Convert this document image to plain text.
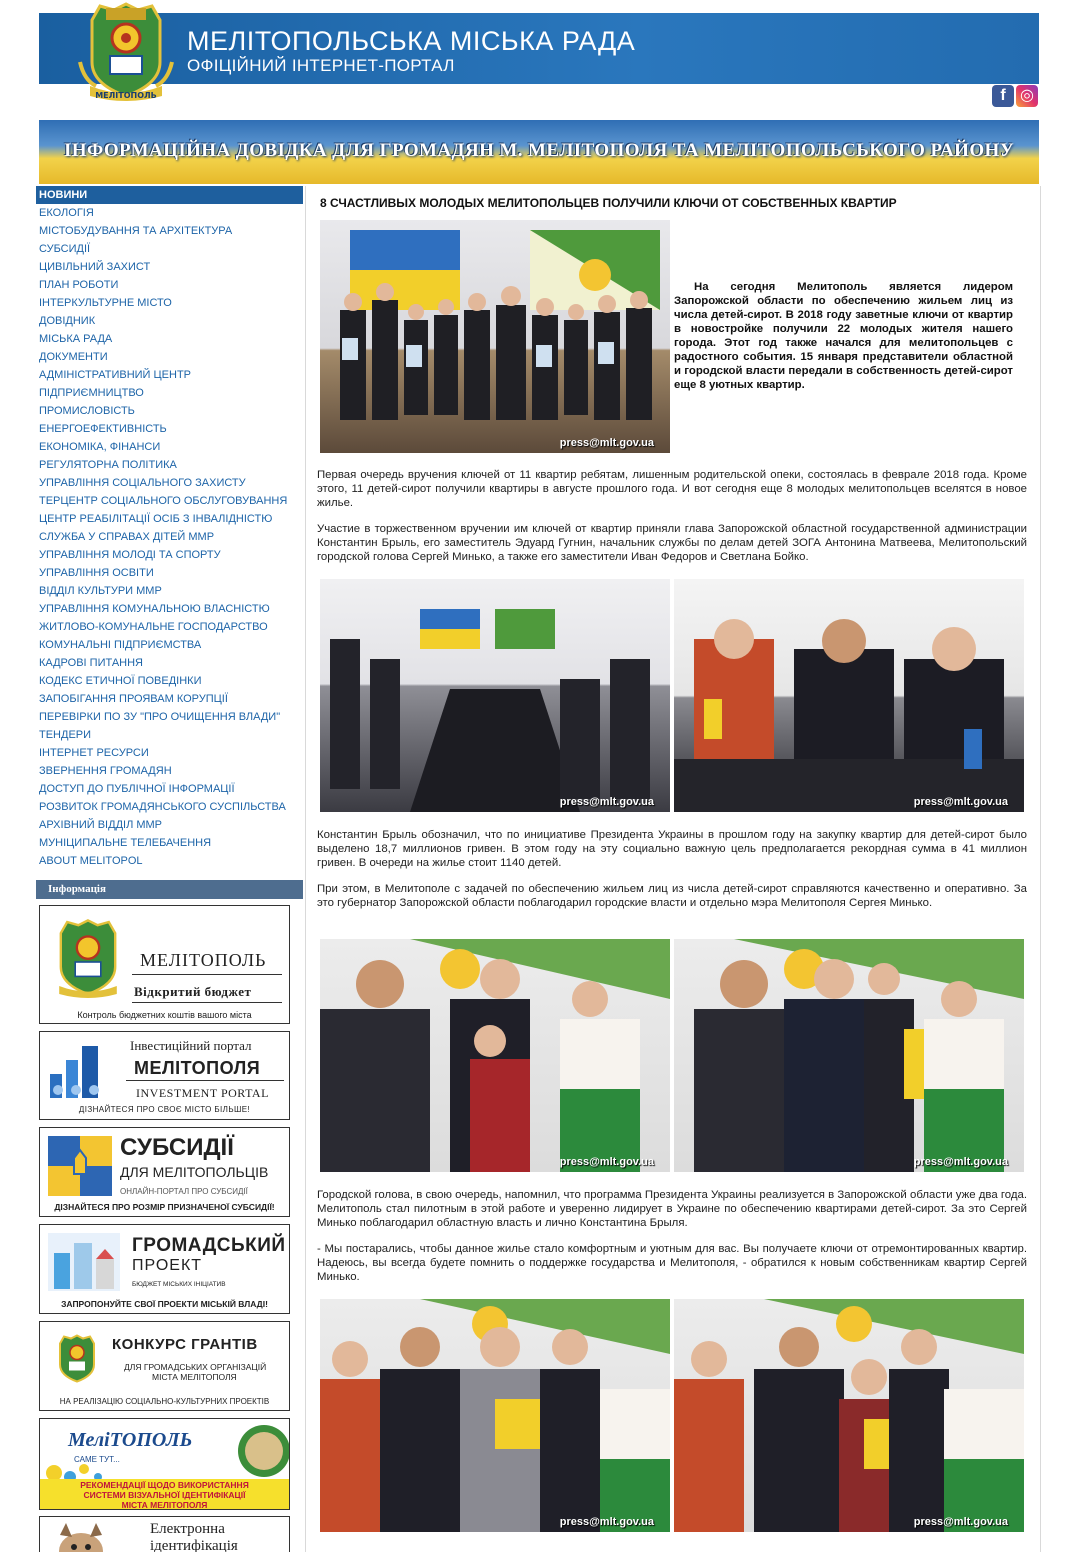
МЕЛІТОПОЛЬ
МЕЛІТОПОЛЬСЬКА МІСЬКА РАДА
ОФІЦІЙНИЙ ІНТЕРНЕТ-ПОРТАЛ
f ◎
ІНФОРМАЦІЙНА ДОВІДКА ДЛЯ ГРОМАДЯН М. МЕЛІТОПОЛЯ ТА МЕЛІТОПОЛЬСЬКОГО РАЙОНУ
НОВИНИ
ЕКОЛОГІЯ
МІСТОБУДУВАННЯ ТА АРХІТЕКТУРА
СУБСИДІЇ
ЦИВІЛЬНИЙ ЗАХИСТ
ПЛАН РОБОТИ
ІНТЕРКУЛЬТУРНЕ МІСТО
ДОВІДНИК
МІСЬКА РАДА
ДОКУМЕНТИ
АДМІНІСТРАТИВНИЙ ЦЕНТР
ПІДПРИЄМНИЦТВО
ПРОМИСЛОВІСТЬ
ЕНЕРГОЕФЕКТИВНІСТЬ
ЕКОНОМІКА, ФІНАНСИ
РЕГУЛЯТОРНА ПОЛІТИКА
УПРАВЛІННЯ СОЦІАЛЬНОГО ЗАХИСТУ
ТЕРЦЕНТР СОЦІАЛЬНОГО ОБСЛУГОВУВАННЯ
ЦЕНТР РЕАБІЛІТАЦІЇ ОСІБ З ІНВАЛІДНІСТЮ
СЛУЖБА У СПРАВАХ ДІТЕЙ ММР
УПРАВЛІННЯ МОЛОДІ ТА СПОРТУ
УПРАВЛІННЯ ОСВІТИ
ВІДДІЛ КУЛЬТУРИ ММР
УПРАВЛІННЯ КОМУНАЛЬНОЮ ВЛАСНІСТЮ
ЖИТЛОВО-КОМУНАЛЬНЕ ГОСПОДАРСТВО
КОМУНАЛЬНІ ПІДПРИЄМСТВА
КАДРОВІ ПИТАННЯ
КОДЕКС ЕТИЧНОЇ ПОВЕДІНКИ
ЗАПОБІГАННЯ ПРОЯВАМ КОРУПЦІЇ
ПЕРЕВІРКИ ПО ЗУ "ПРО ОЧИЩЕННЯ ВЛАДИ"
ТЕНДЕРИ
ІНТЕРНЕТ РЕСУРСИ
ЗВЕРНЕННЯ ГРОМАДЯН
ДОСТУП ДО ПУБЛІЧНОЇ ІНФОРМАЦІЇ
РОЗВИТОК ГРОМАДЯНСЬКОГО СУСПІЛЬСТВА
АРХІВНИЙ ВІДДІЛ ММР
МУНІЦИПАЛЬНЕ ТЕЛЕБАЧЕННЯ
ABOUT MELITOPOL
Інформація
МЕЛІТОПОЛЬ
Відкритий бюджет
Контроль бюджетних коштів вашого міста
Інвестиційний портал
МЕЛІТОПОЛЯ
INVESTMENT PORTAL
ДІЗНАЙТЕСЯ ПРО СВОЄ МІСТО БІЛЬШЕ!
СУБСИДІЇ
ДЛЯ МЕЛІТОПОЛЬЦІВ
ОНЛАЙН-ПОРТАЛ ПРО СУБСИДІЇ
ДІЗНАЙТЕСЯ ПРО РОЗМІР ПРИЗНАЧЕНОЇ СУБСИДІЇ!
ГРОМАДСЬКИЙ
ПРОЕКТ
БЮДЖЕТ МІСЬКИХ ІНІЦІАТИВ
ЗАПРОПОНУЙТЕ СВОЇ ПРОЕКТИ МІСЬКІЙ ВЛАДІ!
КОНКУРС ГРАНТІВ
ДЛЯ ГРОМАДСЬКИХ ОРГАНІЗАЦІЙ
МІСТА МЕЛІТОПОЛЯ
НА РЕАЛІЗАЦІЮ СОЦІАЛЬНО-КУЛЬТУРНИХ ПРОЕКТІВ
МеліТОПОЛЬ
САМЕ ТУТ...
РЕКОМЕНДАЦІЇ ЩОДО ВИКОРИСТАННЯ
СИСТЕМИ ВІЗУАЛЬНОЇ ІДЕНТИФІКАЦІЇ
МІСТА МЕЛІТОПОЛЯ
Електронна
ідентифікація
8 СЧАСТЛИВЫХ МОЛОДЫХ МЕЛИТОПОЛЬЦЕВ ПОЛУЧИЛИ КЛЮЧИ ОТ СОБСТВЕННЫХ КВАРТИР
press@mlt.gov.ua
На сегодня Мелитополь является лидером Запорожской области по обеспечению жильем лиц из числа детей-сирот. В 2018 году заветные ключи от квартир в новостройке получили 22 молодых жителя нашего города. Этот год также начался для мелитопольцев с радостного события. 15 января представители областной и городской власти передали в собственность детей-сирот еще 8 уютных квартир.
Первая очередь вручения ключей от 11 квартир ребятам, лишенным родительской опеки, состоялась в феврале 2018 года. Кроме этого, 11 детей-сирот получили квартиры в августе прошлого года. И вот сегодня еще 8 молодых мелитопольцев вселятся в новое жилье.
Участие в торжественном вручении им ключей от квартир приняли глава Запорожской областной государственной администрации Константин Брыль, его заместитель Эдуард Гугнин, начальник службы по делам детей ЗОГА Антонина Матвеева, Мелитопольский городской голова Сергей Минько, а также его заместители Иван Федоров и Светлана Бойко.
press@mlt.gov.ua	press@mlt.gov.ua
Константин Брыль обозначил, что по инициативе Президента Украины в прошлом году на закупку квартир для детей-сирот было выделено 18,7 миллионов гривен. В этом году на эту социально важную цель предполагается рекордная сумма в 41 миллион гривен. В очереди на жилье стоит 1140 детей.
При этом, в Мелитополе с задачей по обеспечению жильем лиц из числа детей-сирот справляются качественно и оперативно. За это губернатор Запорожской области поблагодарил городские власти и отдельно мэра Мелитополя Сергея Минько.
press@mlt.gov.ua	press@mlt.gov.ua
Городской голова, в свою очередь, напомнил, что программа Президента Украины реализуется в Запорожской области уже два года. Мелитополь стал пилотным в этой работе и уверенно лидирует в Украине по обеспечению квартирами детей-сирот. За это Сергей Минько поблагодарил областную власть и лично Константина Брыля.
- Мы постарались, чтобы данное жилье стало комфортным и уютным для вас. Вы получаете ключи от отремонтированных квартир. Надеюсь, вы всегда будете помнить о поддержке государства и Мелитополя, - обратился к новым собственникам квартир Сергей Минько.
press@mlt.gov.ua	press@mlt.gov.ua
